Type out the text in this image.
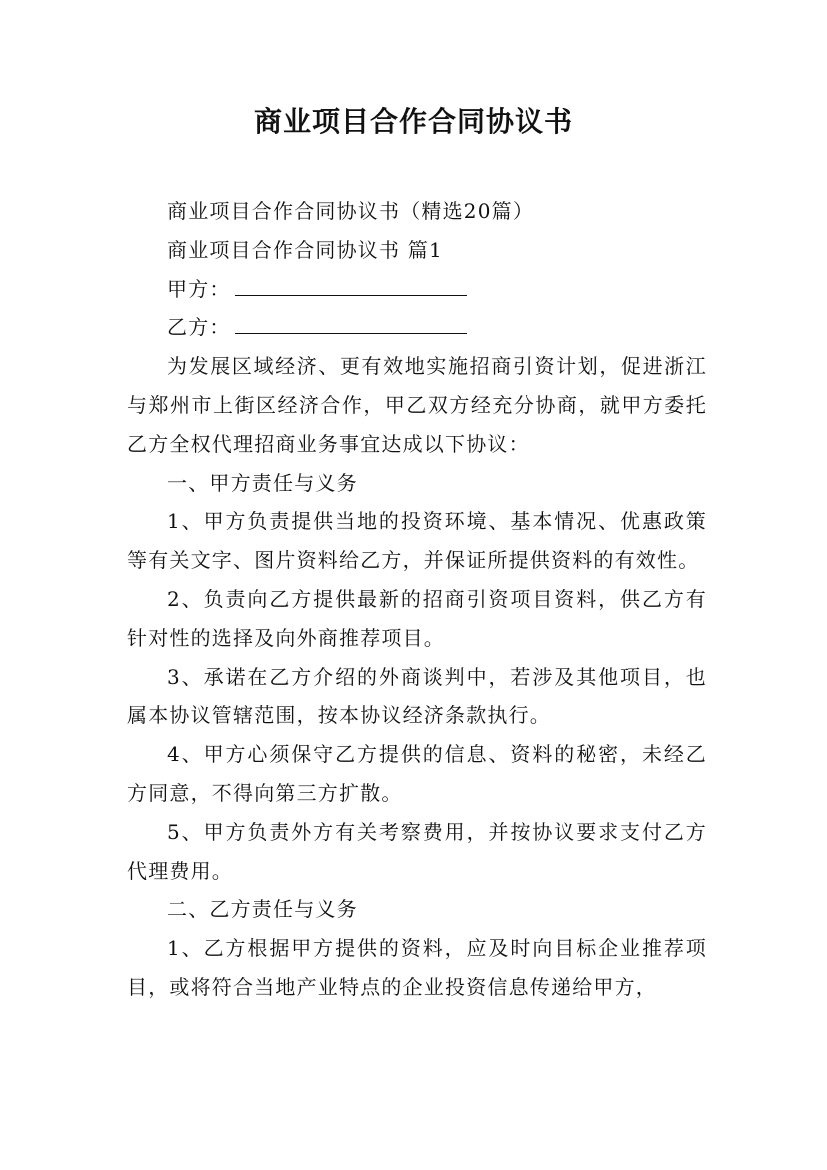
商业项目合作合同协议书

商业项目合作合同协议书（精选20篇）

商业项目合作合同协议书 篇1

甲方：

乙方：

为发展区域经济、更有效地实施招商引资计划，促进浙江与郑州市上街区经济合作，甲乙双方经充分协商，就甲方委托乙方全权代理招商业务事宜达成以下协议：

一、甲方责任与义务

1、甲方负责提供当地的投资环境、基本情况、优惠政策等有关文字、图片资料给乙方，并保证所提供资料的有效性。

2、负责向乙方提供最新的招商引资项目资料，供乙方有针对性的选择及向外商推荐项目。

3、承诺在乙方介绍的外商谈判中，若涉及其他项目，也属本协议管辖范围，按本协议经济条款执行。

4、甲方心须保守乙方提供的信息、资料的秘密，未经乙方同意，不得向第三方扩散。

5、甲方负责外方有关考察费用，并按协议要求支付乙方代理费用。

二、乙方责任与义务

1、乙方根据甲方提供的资料，应及时向目标企业推荐项目，或将符合当地产业特点的企业投资信息传递给甲方，
